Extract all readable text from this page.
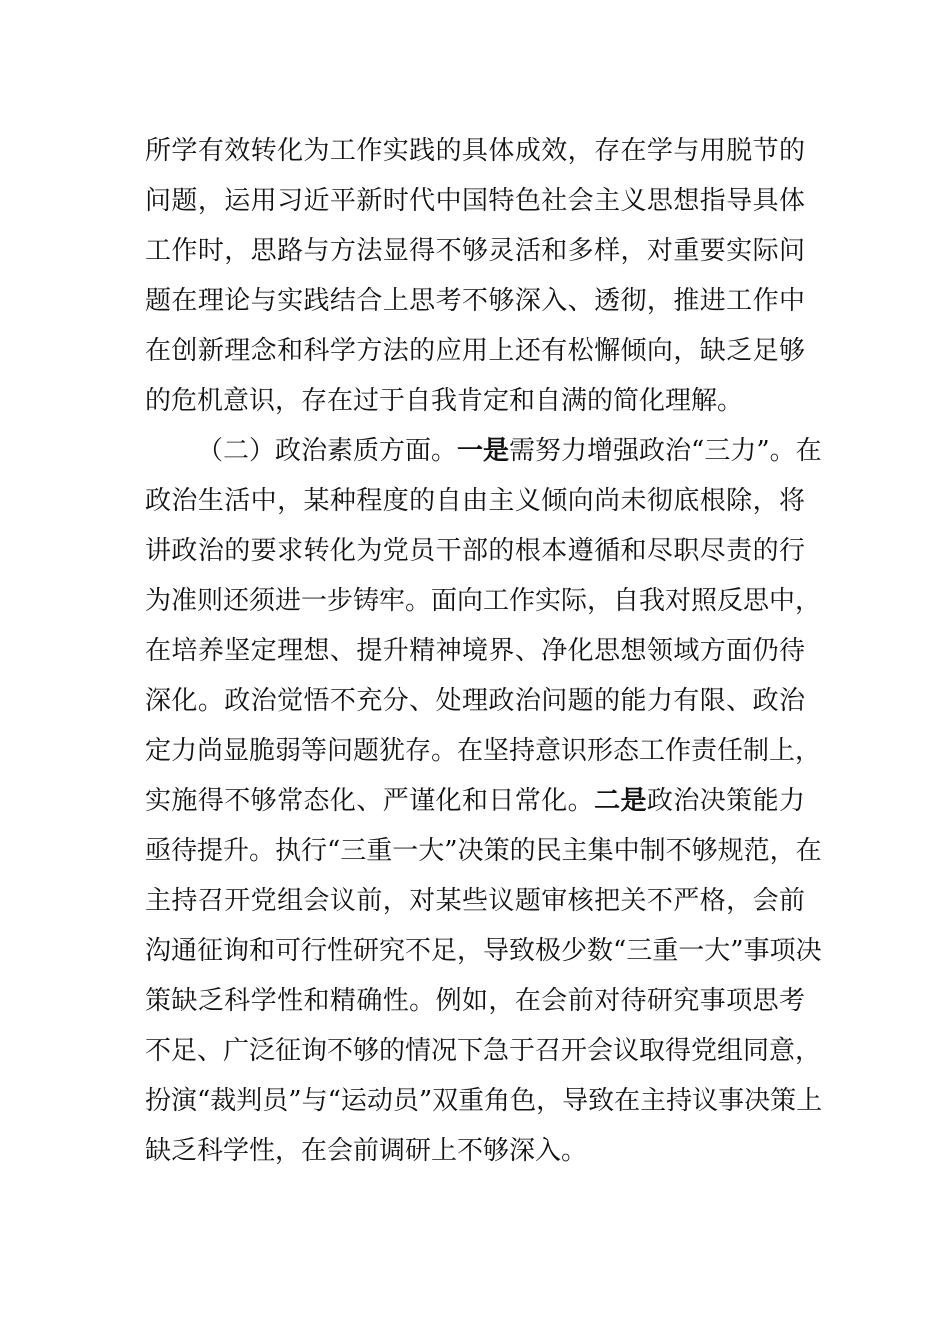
所学有效转化为工作实践的具体成效，存在学与用脱节的
问题，运用习近平新时代中国特色社会主义思想指导具体
工作时，思路与方法显得不够灵活和多样，对重要实际问
题在理论与实践结合上思考不够深入、透彻，推进工作中
在创新理念和科学方法的应用上还有松懈倾向，缺乏足够
的危机意识，存在过于自我肯定和自满的简化理解。
（二）政治素质方面。一是需努力增强政治“三力”。在
政治生活中，某种程度的自由主义倾向尚未彻底根除，将
讲政治的要求转化为党员干部的根本遵循和尽职尽责的行
为准则还须进一步铸牢。面向工作实际，自我对照反思中，
在培养坚定理想、提升精神境界、净化思想领域方面仍待
深化。政治觉悟不充分、处理政治问题的能力有限、政治
定力尚显脆弱等问题犹存。在坚持意识形态工作责任制上，
实施得不够常态化、严谨化和日常化。二是政治决策能力
亟待提升。执行“三重一大”决策的民主集中制不够规范，在
主持召开党组会议前，对某些议题审核把关不严格，会前
沟通征询和可行性研究不足，导致极少数“三重一大”事项决
策缺乏科学性和精确性。例如，在会前对待研究事项思考
不足、广泛征询不够的情况下急于召开会议取得党组同意，
扮演“裁判员”与“运动员”双重角色，导致在主持议事决策上
缺乏科学性，在会前调研上不够深入。
